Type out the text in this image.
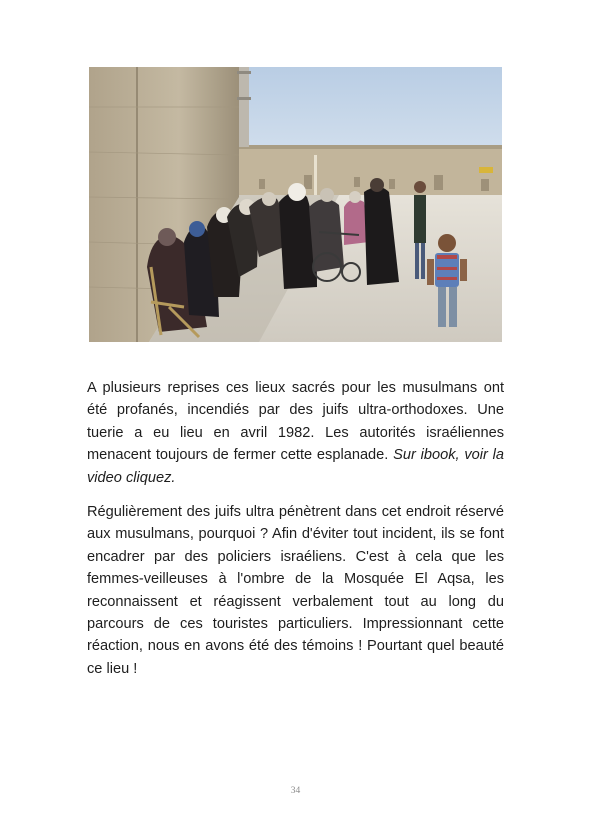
A plusieurs reprises ces lieux sacrés pour les musulmans ont été profanés, incendiés par des juifs ultra-orthodoxes. Une tuerie a eu lieu en avril 1982. Les autorités israéliennes menacent toujours de fermer cette esplanade. Sur ibook, voir la video cliquez.

Régulièrement des juifs ultra pénètrent dans cet endroit réservé aux musulmans, pourquoi ? Afin d'éviter tout incident, ils se font encadrer par des policiers israéliens. C'est à cela que les femmes-veilleuses à l'ombre de la Mosquée El Aqsa, les reconnaissent et réagissent verbalement tout au long du parcours de ces touristes particuliers. Impressionnant cette réaction, nous en avons été des témoins ! Pourtant quel beauté ce lieu !

34
